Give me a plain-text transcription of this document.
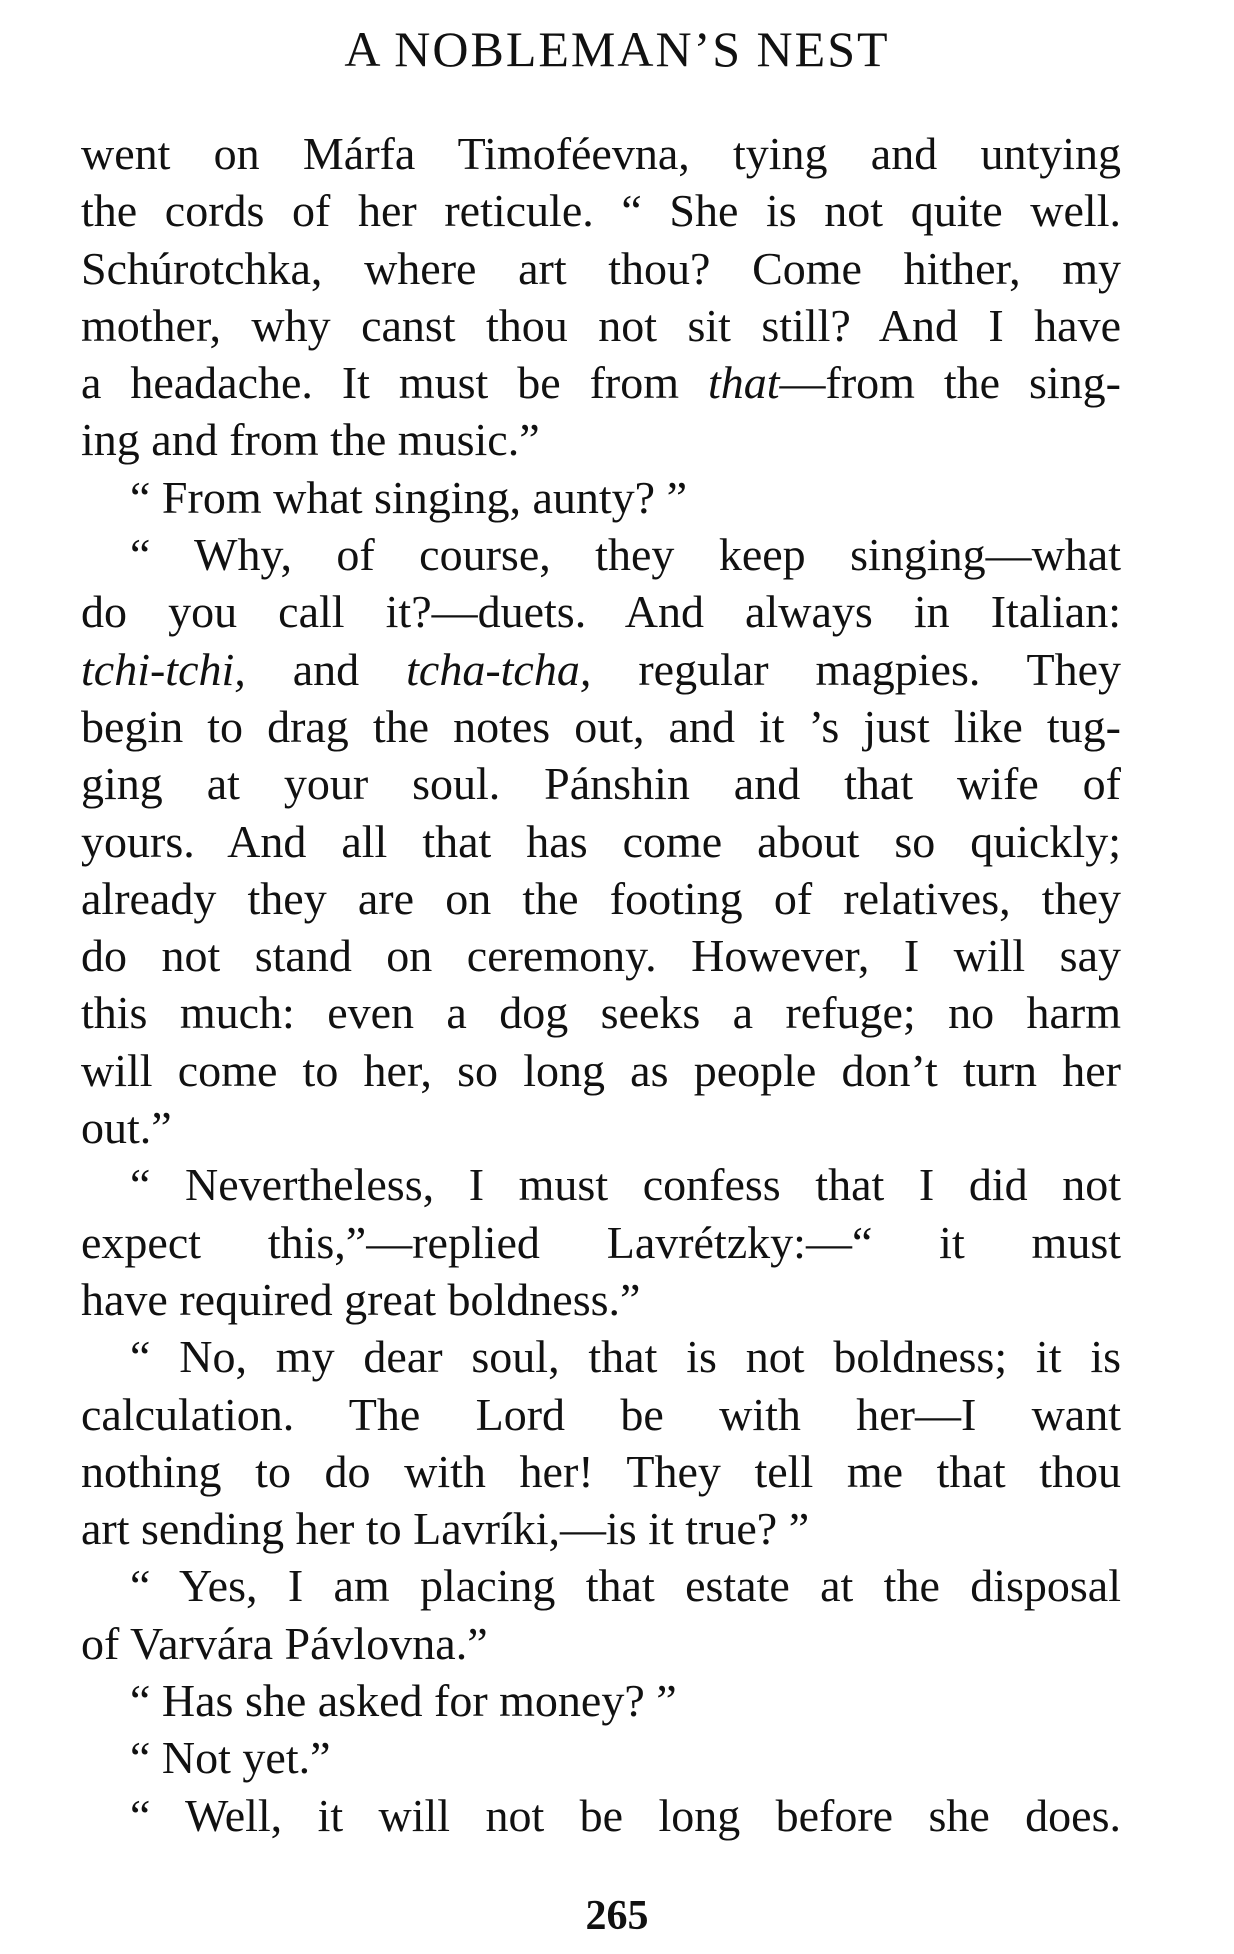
A NOBLEMAN’S NEST
went on Márfa Timoféevna, tying and untying
the cords of her reticule. “ She is not quite well.
Schúrotchka, where art thou? Come hither, my
mother, why canst thou not sit still? And I have
a headache. It must be from that—from the sing-
ing and from the music.”
“ From what singing, aunty? ”
“ Why, of course, they keep singing—what
do you call it?—duets. And always in Italian:
tchi-tchi, and tcha-tcha, regular magpies. They
begin to drag the notes out, and it ’s just like tug-
ging at your soul. Pánshin and that wife of
yours. And all that has come about so quickly;
already they are on the footing of relatives, they
do not stand on ceremony. However, I will say
this much: even a dog seeks a refuge; no harm
will come to her, so long as people don’t turn her
out.”
“ Nevertheless, I must confess that I did not
expect this,”—replied Lavrétzky:—“ it must
have required great boldness.”
“ No, my dear soul, that is not boldness; it is
calculation. The Lord be with her—I want
nothing to do with her! They tell me that thou
art sending her to Lavríki,—is it true? ”
“ Yes, I am placing that estate at the disposal
of Varvára Pávlovna.”
“ Has she asked for money? ”
“ Not yet.”
“ Well, it will not be long before she does.
265
